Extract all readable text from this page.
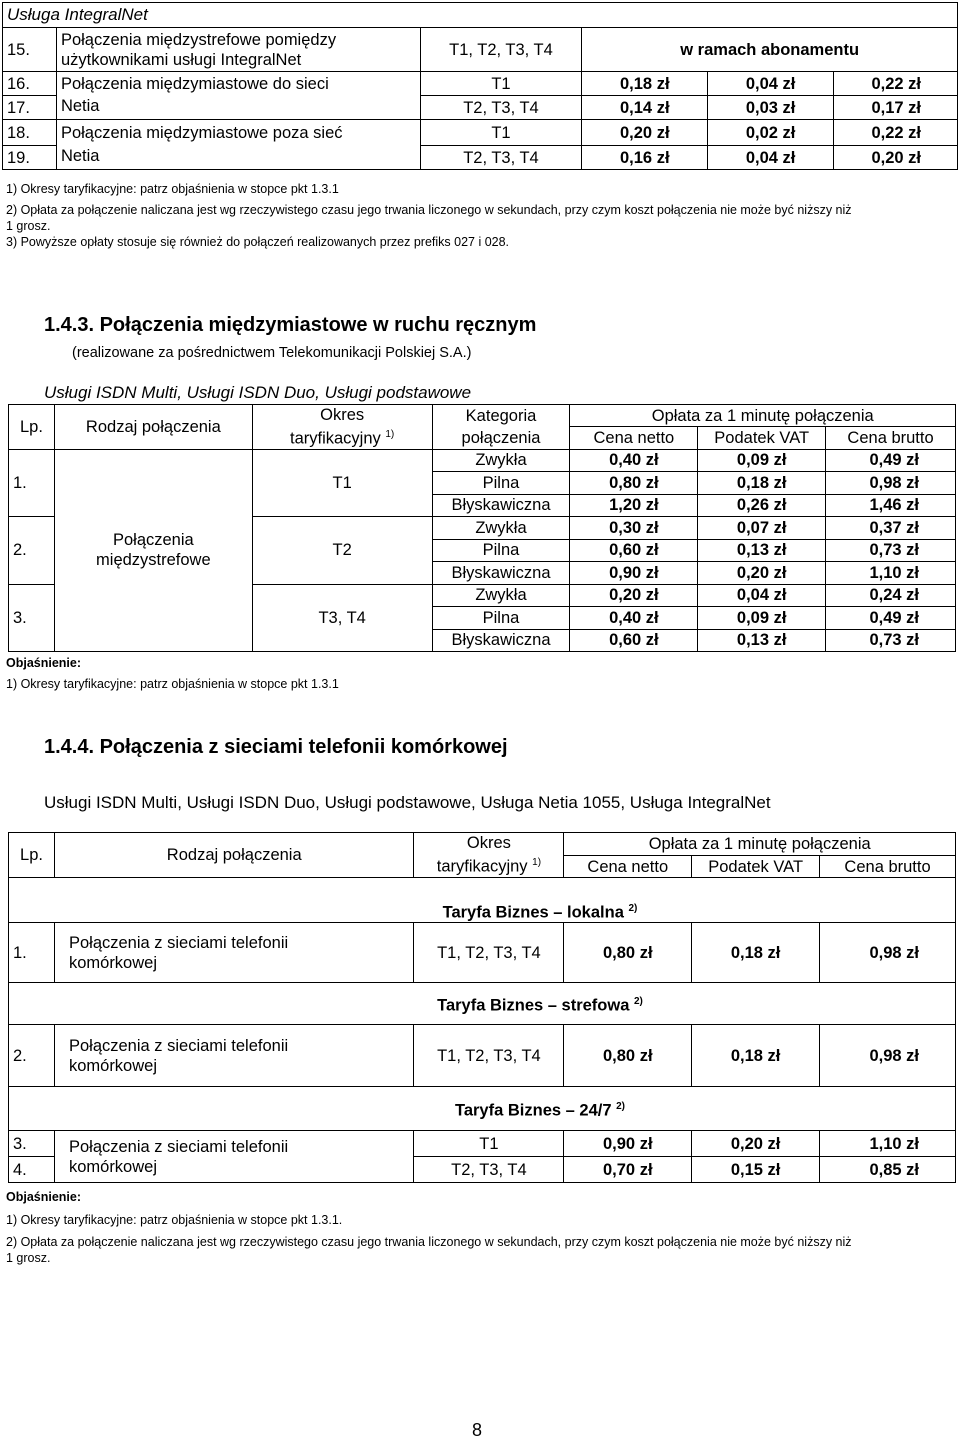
Usługa IntegralNet					
15.	Połączenia międzystrefowe pomiędzy
użytkownikami usługi IntegralNet	T1, T2, T3, T4	w ramach abonamentu		
16.	Połączenia międzymiastowe do sieci	T1	0,18 zł	0,04 zł	0,22 zł
17.	Netia	T2, T3, T4	0,14 zł	0,03 zł	0,17 zł
18.	Połączenia międzymiastowe poza sieć	T1	0,20 zł	0,02 zł	0,22 zł
19.	Netia	T2, T3, T4	0,16 zł	0,04 zł	0,20 zł
1) Okresy taryfikacyjne: patrz objaśnienia w stopce pkt 1.3.1
2) Opłata za połączenie naliczana jest wg rzeczywistego czasu jego trwania liczonego w sekundach, przy czym koszt połączenia nie może być niższy niż
1 grosz.
3) Powyższe opłaty stosuje się również do połączeń realizowanych przez prefiks 027 i 028.
1.4.3. Połączenia międzymiastowe w ruchu ręcznym
(realizowane za pośrednictwem Telekomunikacji Polskiej S.A.)
Usługi ISDN Multi, Usługi ISDN Duo, Usługi podstawowe
Lp.	Rodzaj połączenia	Okres
taryfikacyjny $^{1)}$	Kategoria	Opłata za 1 minutę połączenia		
			połączenia	Cena netto	Podatek VAT	Cena brutto
1.	Połączenia
międzystrefowe	T1	Zwykła	0,40 zł	0,09 zł	0,49 zł
			Pilna	0,80 zł	0,18 zł	0,98 zł
			Błyskawiczna	1,20 zł	0,26 zł	1,46 zł
2.		T2	Zwykła	0,30 zł	0,07 zł	0,37 zł
			Pilna	0,60 zł	0,13 zł	0,73 zł
			Błyskawiczna	0,90 zł	0,20 zł	1,10 zł
3.		T3, T4	Zwykła	0,20 zł	0,04 zł	0,24 zł
			Pilna	0,40 zł	0,09 zł	0,49 zł
			Błyskawiczna	0,60 zł	0,13 zł	0,73 zł
Objaśnienie:
1) Okresy taryfikacyjne: patrz objaśnienia w stopce pkt 1.3.1
1.4.4. Połączenia z sieciami telefonii komórkowej
Usługi ISDN Multi, Usługi ISDN Duo, Usługi podstawowe, Usługa Netia 1055, Usługa IntegralNet
Lp.	Rodzaj połączenia	Okres
taryfikacyjny $^{1)}$	Opłata za 1 minutę połączenia		
			Cena netto	Podatek VAT	Cena brutto
Taryfa Biznes – lokalna $^{2)}$
1.	Połączenia z sieciami telefonii
komórkowej	T1, T2, T3, T4	0,80 zł	0,18 zł	0,98 zł
Taryfa Biznes – strefowa $^{2)}$
2.	Połączenia z sieciami telefonii
komórkowej	T1, T2, T3, T4	0,80 zł	0,18 zł	0,98 zł
Taryfa Biznes – 24/7 $^{2)}$
3.	Połączenia z sieciami telefonii
komórkowej	T1	0,90 zł	0,20 zł	1,10 zł
4.		T2, T3, T4	0,70 zł	0,15 zł	0,85 zł
Objaśnienie:
1) Okresy taryfikacyjne: patrz objaśnienia w stopce pkt 1.3.1.
2) Opłata za połączenie naliczana jest wg rzeczywistego czasu jego trwania liczonego w sekundach, przy czym koszt połączenia nie może być niższy niż
1 grosz.
8
